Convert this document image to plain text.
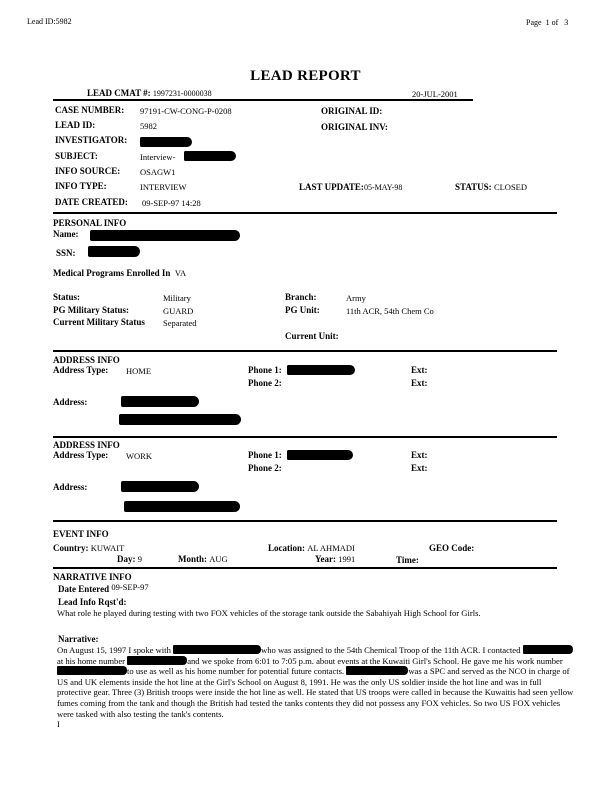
Lead ID:5982	Page 1 of 3
LEAD REPORT
LEAD CMAT #: 1997231-0000038	20-JUL-2001
CASE NUMBER: 97191-CW-CONG-P-0208
LEAD ID:	5982
INVESTIGATOR:
SUBJECT:	Interview-
INFO SOURCE: OSAGW1
INFO TYPE:	INTERVIEW
DATE CREATED: 09-SEP-97 14:28
ORIGINAL ID:
ORIGINAL INV:
LAST UPDATE:05-MAY-98	STATUS: CLOSED
PERSONAL INFO
Name:
SSN:
Medical Programs Enrolled In VA
Status:	Military
PG Military Status:	GUARD
Current Military Status Separated
Branch:	Army
PG Unit:	11th ACR, 54th Chem Co
Current Unit:
ADDRESS INFO
Address Type: HOME	Phone 1:	Ext:
Phone 2:	Ext:
Address:
ADDRESS INFO
Address Type: WORK	Phone 1:	Ext:
Phone 2:	Ext:
Address:
EVENT INFO
Country: KUWAIT	Location: AL AHMADI	GEO Code:
Day: 9	Month: AUG	Year: 1991	Time:
NARRATIVE INFO
Date Entered 09-SEP-97
Lead Info Rqst'd:
What role he played during testing with two FOX vehicles of the storage tank outside the Sabahiyah High School for Girls.
Narrative:
On August 15, 1997 I spoke with	who was assigned to the 54th Chemical Troop of the 11th ACR. I contacted at his home number	and we spoke from 6:01 to 7:05 p.m. about events at the Kuwaiti Girl's School. He gave me his work number to use as well as his home number for potential future contacts.	was a SPC and served as the NCO in charge of US and UK elements inside the hot line at the Girl's School on August 8, 1991. He was the only US soldier inside the hot line and was in full protective gear. Three (3) British troops were inside the hot line as well. He stated that US troops were called in because the Kuwaitis had seen yellow fumes coming from the tank and though the British had tested the tanks contents they did not possess any FOX vehicles. So two US FOX vehicles were tasked with also testing the tank's contents.
I
